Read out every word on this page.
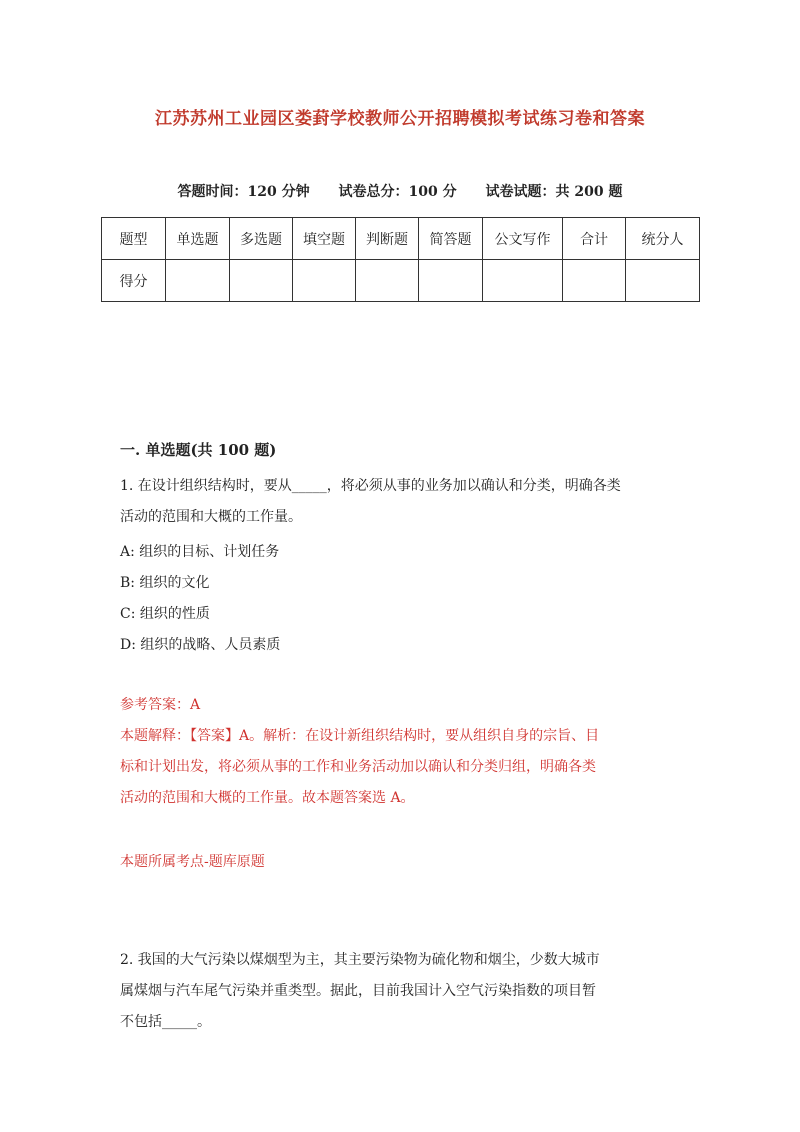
江苏苏州工业园区娄葑学校教师公开招聘模拟考试练习卷和答案
答题时间：120 分钟 试卷总分：100 分 试卷试题：共 200 题
题型	单选题	多选题	填空题	判断题	简答题	公文写作	合计	统分人
得分								
一. 单选题(共 100 题)
1. 在设计组织结构时，要从_____，将必须从事的业务加以确认和分类，明确各类
活动的范围和大概的工作量。
A: 组织的目标、计划任务
B: 组织的文化
C: 组织的性质
D: 组织的战略、人员素质
参考答案：A
本题解释：【答案】A。解析：在设计新组织结构时，要从组织自身的宗旨、目
标和计划出发，将必须从事的工作和业务活动加以确认和分类归组，明确各类
活动的范围和大概的工作量。故本题答案选 A。
本题所属考点-题库原题
2. 我国的大气污染以煤烟型为主，其主要污染物为硫化物和烟尘，少数大城市
属煤烟与汽车尾气污染并重类型。据此，目前我国计入空气污染指数的项目暂
不包括_____。
